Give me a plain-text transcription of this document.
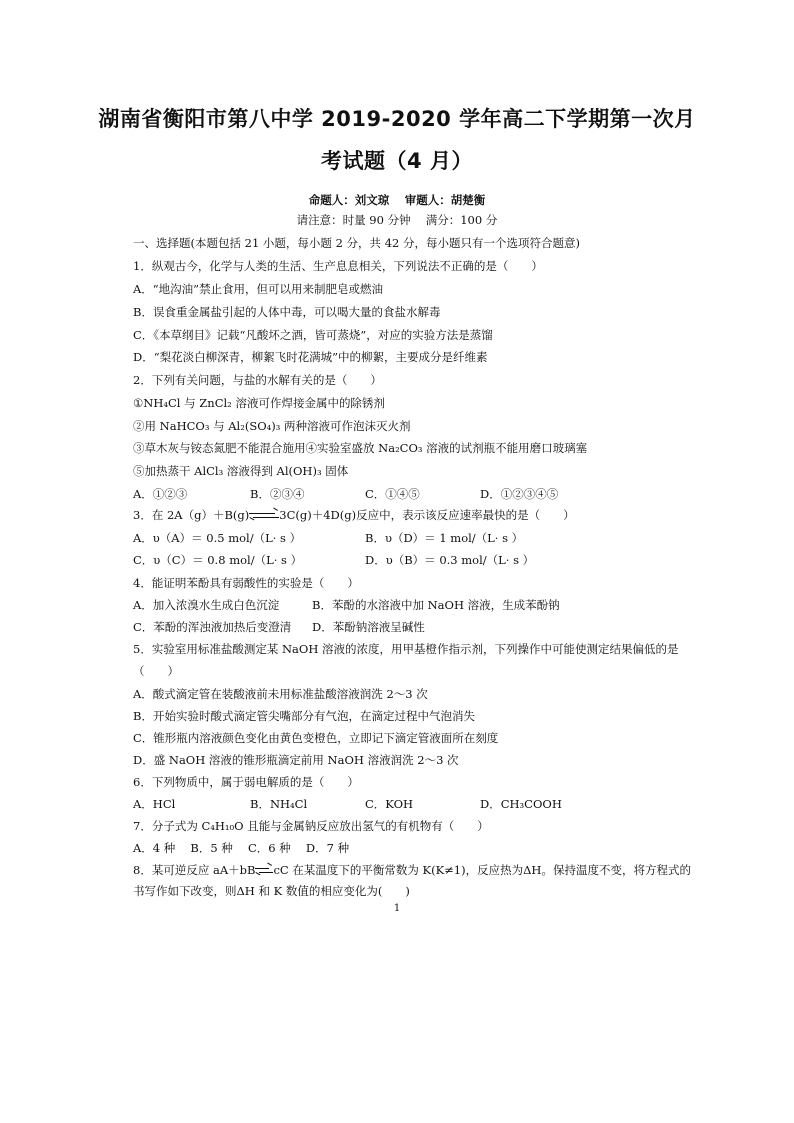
湖南省衡阳市第八中学 2019-2020 学年高二下学期第一次月
考试题（4 月）
命题人：刘文琼　 审题人：胡楚衡
请注意：时量 90 分钟　 满分：100 分
一、选择题(本题包括 21 小题，每小题 2 分，共 42 分，每小题只有一个选项符合题意)
1．纵观古今，化学与人类的生活、生产息息相关，下列说法不正确的是（　　）
A．“地沟油”禁止食用，但可以用来制肥皂或燃油
B．误食重金属盐引起的人体中毒，可以喝大量的食盐水解毒
C．《本草纲目》记载“凡酸坏之酒，皆可蒸烧”，对应的实验方法是蒸馏
D．“梨花淡白柳深青，柳絮飞时花满城”中的柳絮，主要成分是纤维素
2．下列有关问题，与盐的水解有关的是（　　）
①NH₄Cl 与 ZnCl₂ 溶液可作焊接金属中的除锈剂
②用 NaHCO₃ 与 Al₂(SO₄)₃ 两种溶液可作泡沫灭火剂
③草木灰与铵态氮肥不能混合施用④实验室盛放 Na₂CO₃ 溶液的试剂瓶不能用磨口玻璃塞
⑤加热蒸干 AlCl₃ 溶液得到 Al(OH)₃ 固体
A．①②③	B．②③④	C．①④⑤	D．①②③④⑤
3．在 2A（g）＋B(g)	3C(g)＋4D(g)反应中，表示该反应速率最快的是（　　）
A．υ（A）＝ 0.5 mol/（L· s ）	B．υ（D）＝ 1 mol/（L· s ）
C．υ（C）＝ 0.8 mol/（L· s ）	D．υ（B）＝ 0.3 mol/（L· s ）
4．能证明苯酚具有弱酸性的实验是（　　）
A．加入浓溴水生成白色沉淀	B．苯酚的水溶液中加 NaOH 溶液，生成苯酚钠
C．苯酚的浑浊液加热后变澄清 D．苯酚钠溶液呈碱性
5．实验室用标准盐酸测定某 NaOH 溶液的浓度，用甲基橙作指示剂，下列操作中可能使测定结果偏低的是
（　　）
A．酸式滴定管在装酸液前未用标准盐酸溶液润洗 2～3 次
B．开始实验时酸式滴定管尖嘴部分有气泡，在滴定过程中气泡消失
C．锥形瓶内溶液颜色变化由黄色变橙色，立即记下滴定管液面所在刻度
D．盛 NaOH 溶液的锥形瓶滴定前用 NaOH 溶液润洗 2～3 次
6．下列物质中，属于弱电解质的是（　　）
A．HCl	B．NH₄Cl	C．KOH	D．CH₃COOH
7．分子式为 C₄H₁₀O 且能与金属钠反应放出氢气的有机物有（　　）
A．4 种　 B．5 种　 C．6 种　 D．7 种
8．某可逆反应 aA＋bB cC 在某温度下的平衡常数为 K(K≠1)，反应热为ΔH。保持温度不变，将方程式的
书写作如下改变，则ΔH 和 K 数值的相应变化为(　　)
1
